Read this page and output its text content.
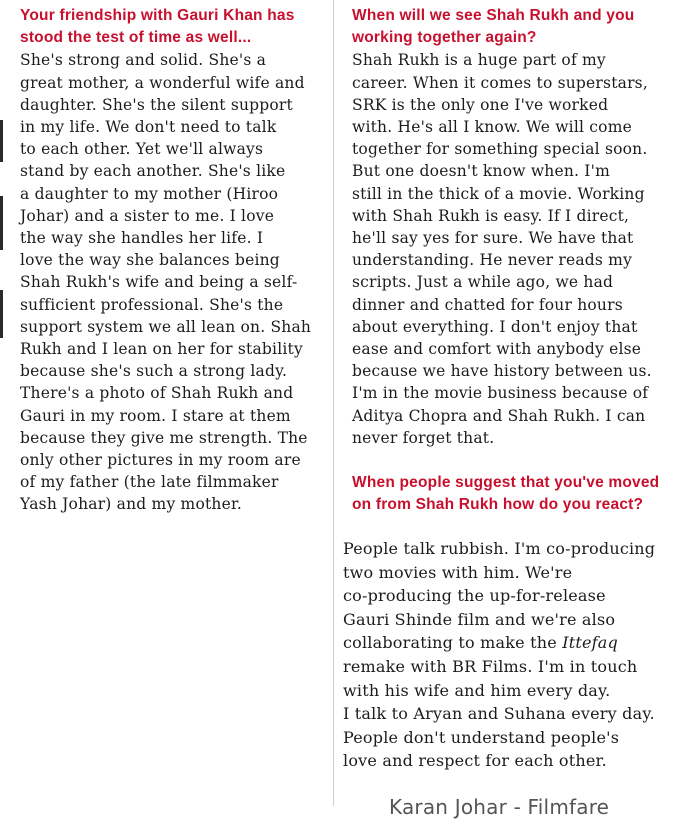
Your friendship with Gauri Khan has
stood the test of time as well...
She's strong and solid. She's a
great mother, a wonderful wife and
daughter. She's the silent support
in my life. We don't need to talk
to each other. Yet we'll always
stand by each another. She's like
a daughter to my mother (Hiroo
Johar) and a sister to me. I love
the way she handles her life. I
love the way she balances being
Shah Rukh's wife and being a self-
sufficient professional. She's the
support system we all lean on. Shah
Rukh and I lean on her for stability
because she's such a strong lady.
There's a photo of Shah Rukh and
Gauri in my room. I stare at them
because they give me strength. The
only other pictures in my room are
of my father (the late filmmaker
Yash Johar) and my mother.
When will we see Shah Rukh and you
working together again?
Shah Rukh is a huge part of my
career. When it comes to superstars,
SRK is the only one I've worked
with. He's all I know. We will come
together for something special soon.
But one doesn't know when. I'm
still in the thick of a movie. Working
with Shah Rukh is easy. If I direct,
he'll say yes for sure. We have that
understanding. He never reads my
scripts. Just a while ago, we had
dinner and chatted for four hours
about everything. I don't enjoy that
ease and comfort with anybody else
because we have history between us.
I'm in the movie business because of
Aditya Chopra and Shah Rukh. I can
never forget that.
When people suggest that you've moved
on from Shah Rukh how do you react?
People talk rubbish. I'm co-producing
two movies with him. We're
co-producing the up-for-release
Gauri Shinde film and we're also
collaborating to make the Ittefaq
remake with BR Films. I'm in touch
with his wife and him every day.
I talk to Aryan and Suhana every day.
People don't understand people's
love and respect for each other.
Karan Johar - Filmfare
